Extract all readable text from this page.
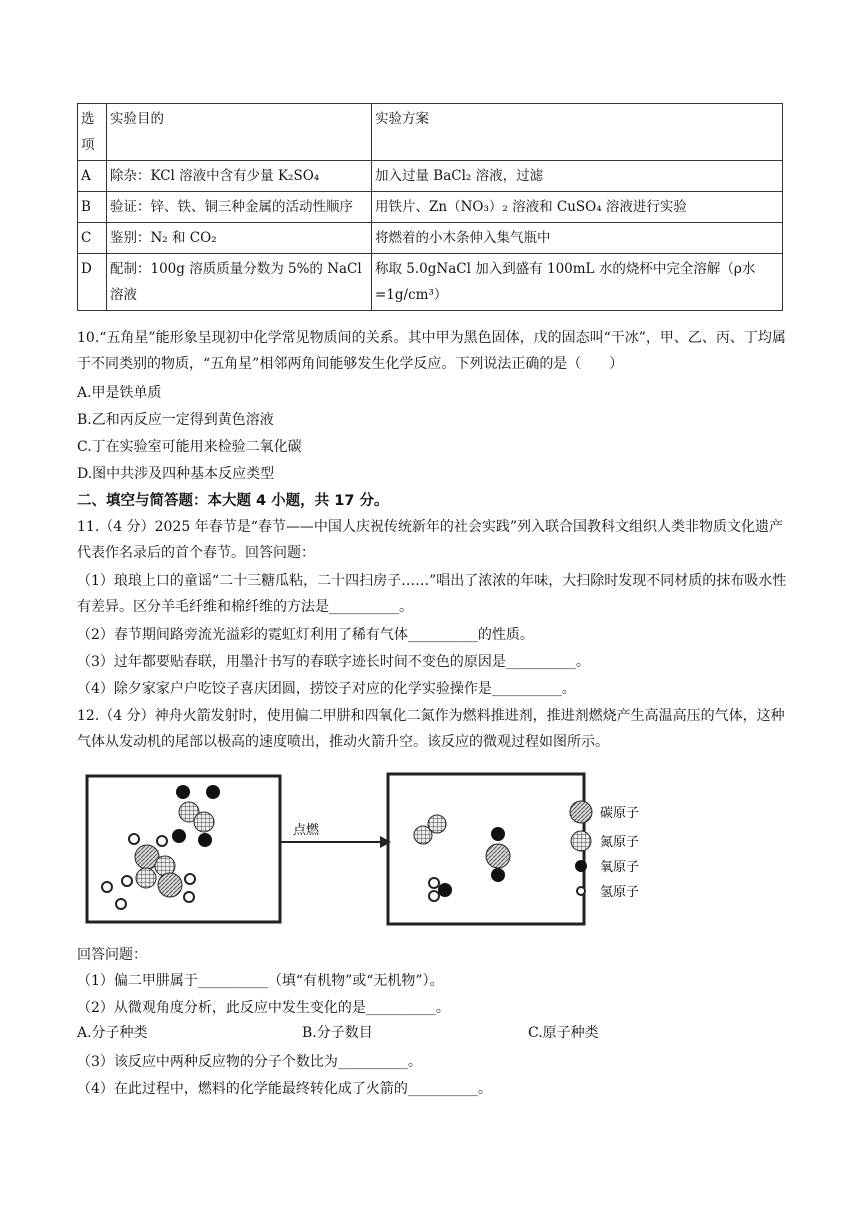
选项	实验目的	实验方案
A	除杂：KCl 溶液中含有少量 K₂SO₄	加入过量 BaCl₂ 溶液，过滤
B	验证：锌、铁、铜三种金属的活动性顺序	用铁片、Zn（NO₃）₂ 溶液和 CuSO₄ 溶液进行实验
C	鉴别：N₂ 和 CO₂	将燃着的小木条伸入集气瓶中
D	配制：100g 溶质质量分数为 5%的 NaCl 溶液	称取 5.0gNaCl 加入到盛有 100mL 水的烧杯中完全溶解（ρ水=1g/cm³）
10.“五角星”能形象呈现初中化学常见物质间的关系。其中甲为黑色固体，戊的固态叫“干冰”，甲、乙、丙、丁均属于不同类别的物质，“五角星”相邻两角间能够发生化学反应。下列说法正确的是（　　）
A.甲是铁单质
B.乙和丙反应一定得到黄色溶液
C.丁在实验室可能用来检验二氧化碳
D.图中共涉及四种基本反应类型
二、填空与简答题：本大题 4 小题，共 17 分。
11.（4 分）2025 年春节是“春节——中国人庆祝传统新年的社会实践”列入联合国教科文组织人类非物质文化遗产代表作名录后的首个春节。回答问题：
（1）琅琅上口的童谣“二十三糖瓜粘，二十四扫房子……”唱出了浓浓的年味，大扫除时发现不同材质的抹布吸水性有差异。区分羊毛纤维和棉纤维的方法是__________。
（2）春节期间路旁流光溢彩的霓虹灯利用了稀有气体__________的性质。
（3）过年都要贴春联，用墨汁书写的春联字迹长时间不变色的原因是__________。
（4）除夕家家户户吃饺子喜庆团圆，捞饺子对应的化学实验操作是__________。
12.（4 分）神舟火箭发射时，使用偏二甲肼和四氧化二氮作为燃料推进剂，推进剂燃烧产生高温高压的气体，这种气体从发动机的尾部以极高的速度喷出，推动火箭升空。该反应的微观过程如图所示。
点燃
碳原子
氮原子
氧原子
氢原子
回答问题：
（1）偏二甲肼属于__________（填“有机物”或“无机物”）。
（2）从微观角度分析，此反应中发生变化的是__________。
A.分子种类	B.分子数目	C.原子种类
（3）该反应中两种反应物的分子个数比为__________。
（4）在此过程中，燃料的化学能最终转化成了火箭的__________。
